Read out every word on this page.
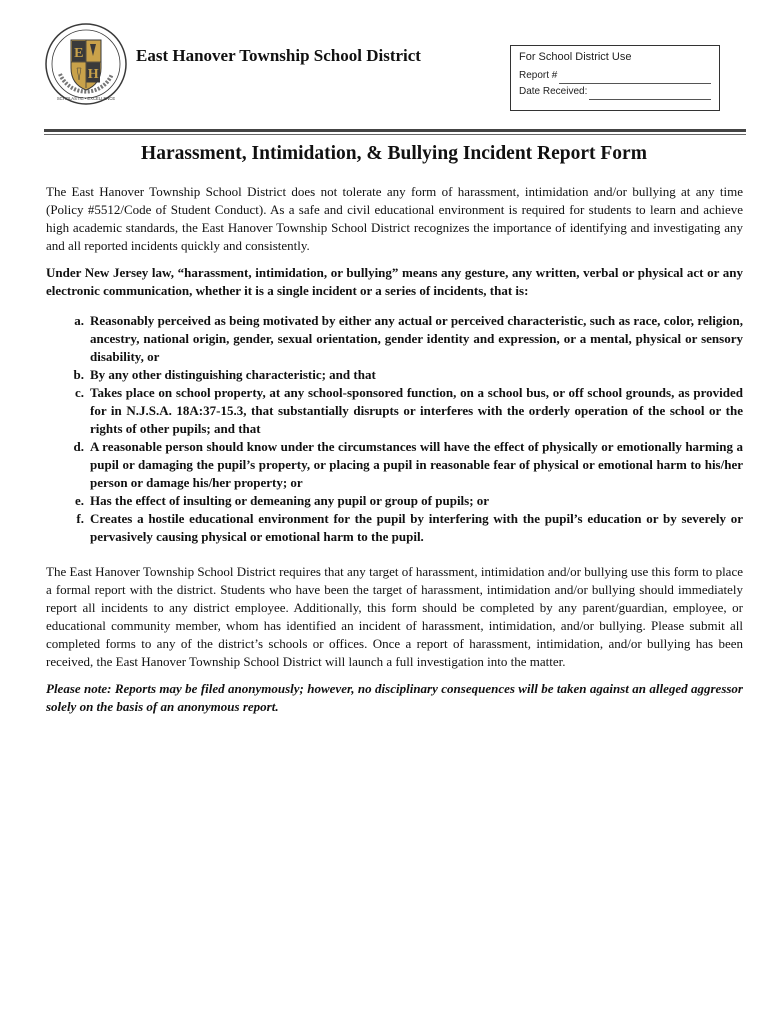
E
H
SCHOLASTIC • EXCELLENCE
East Hanover Township School District	For School District Use
Report #
Date Received:
Harassment, Intimidation, & Bullying Incident Report Form

The East Hanover Township School District does not tolerate any form of harassment, intimidation and/or bullying at any time (Policy #5512/Code of Student Conduct). As a safe and civil educational environment is required for students to learn and achieve high academic standards, the East Hanover Township School District recognizes the importance of identifying and investigating any and all reported incidents quickly and consistently.

Under New Jersey law, “harassment, intimidation, or bullying” means any gesture, any written, verbal or physical act or any electronic communication, whether it is a single incident or a series of incidents, that is:

a. Reasonably perceived as being motivated by either any actual or perceived characteristic, such as race, color, religion, ancestry, national origin, gender, sexual orientation, gender identity and expression, or a mental, physical or sensory disability, or
b. By any other distinguishing characteristic; and that
c. Takes place on school property, at any school-sponsored function, on a school bus, or off school grounds, as provided for in N.J.S.A. 18A:37-15.3, that substantially disrupts or interferes with the orderly operation of the school or the rights of other pupils; and that
d. A reasonable person should know under the circumstances will have the effect of physically or emotionally harming a pupil or damaging the pupil’s property, or placing a pupil in reasonable fear of physical or emotional harm to his/her person or damage his/her property; or
e. Has the effect of insulting or demeaning any pupil or group of pupils; or
f. Creates a hostile educational environment for the pupil by interfering with the pupil’s education or by severely or pervasively causing physical or emotional harm to the pupil.

The East Hanover Township School District requires that any target of harassment, intimidation and/or bullying use this form to place a formal report with the district. Students who have been the target of harassment, intimidation and/or bullying should immediately report all incidents to any district employee. Additionally, this form should be completed by any parent/guardian, employee, or educational community member, whom has identified an incident of harassment, intimidation, and/or bullying. Please submit all completed forms to any of the district’s schools or offices. Once a report of harassment, intimidation, and/or bullying has been received, the East Hanover Township School District will launch a full investigation into the matter.

Please note: Reports may be filed anonymously; however, no disciplinary consequences will be taken against an alleged aggressor solely on the basis of an anonymous report.
